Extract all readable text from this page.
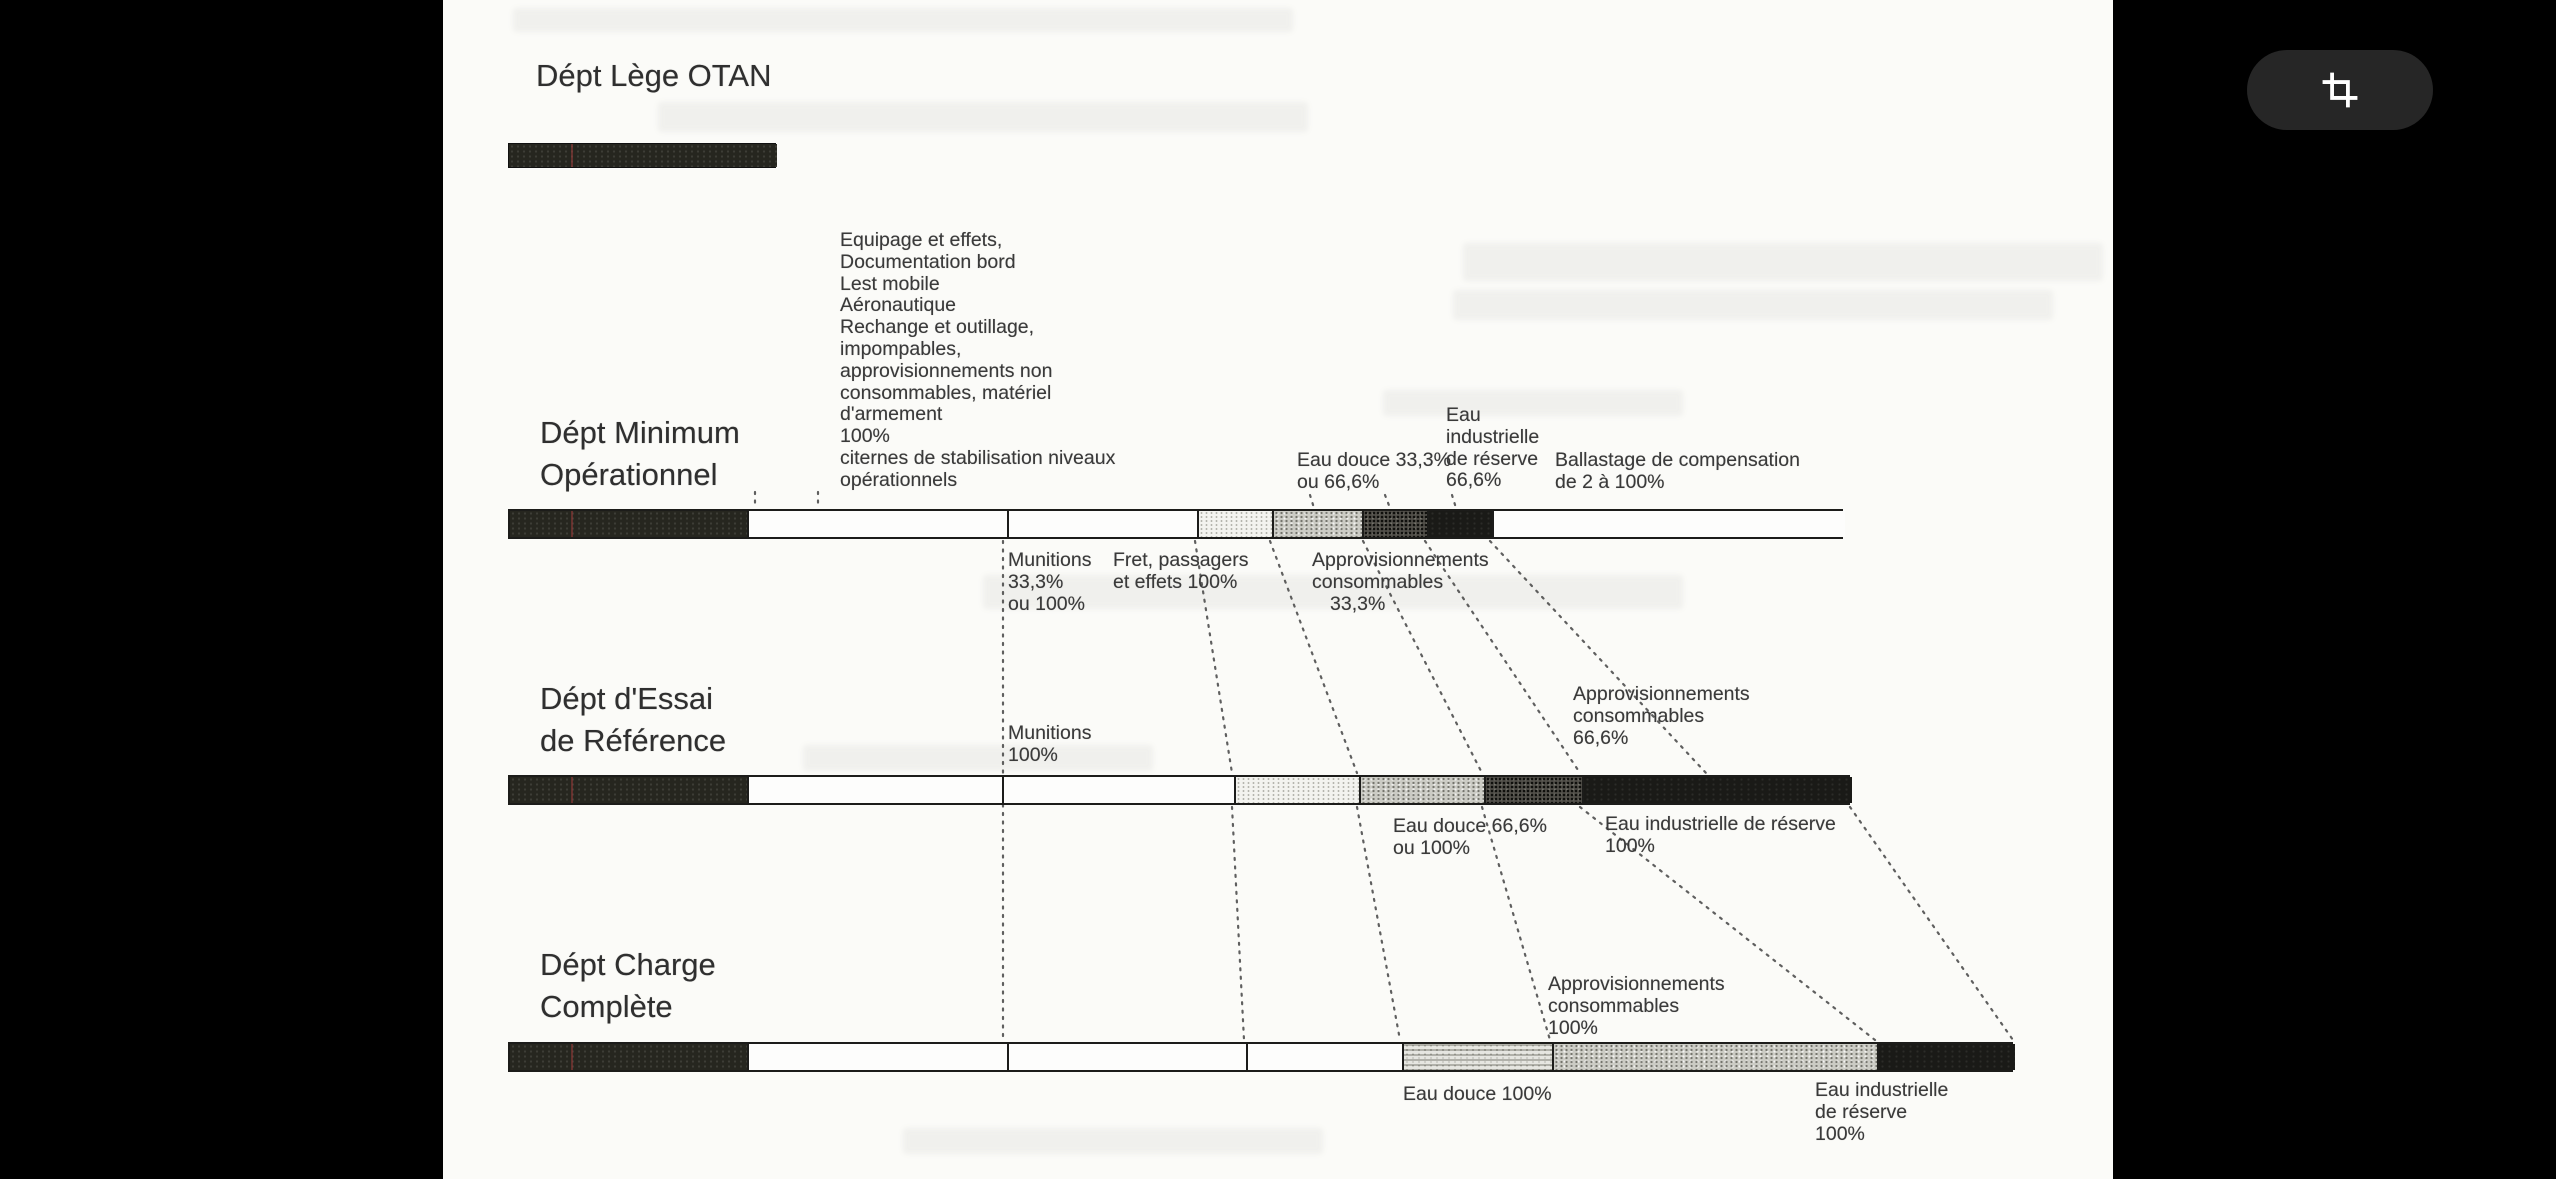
Dépt Lège OTAN
Dépt Minimum
Opérationnel
Dépt d'Essai
de Référence
Dépt Charge
Complète
Equipage et effets,
Documentation bord
Lest mobile
Aéronautique
Rechange et outillage,
impompables,
approvisionnements non
consommables, matériel
d'armement
100%
citernes de stabilisation niveaux
opérationnels
Eau douce 33,3%
ou 66,6%
Eau
industrielle
de réserve
66,6%
Ballastage de compensation
de 2 à 100%
Munitions
33,3%
ou 100%
Fret, passagers
et effets 100%
Approvisionnements
consommables
33,3%
Munitions
100%
Approvisionnements
consommables
66,6%
Eau douce 66,6%
ou 100%
Eau industrielle de réserve
100%
Approvisionnements
consommables
100%
Eau douce 100%	Eau industrielle
de réserve
100%
